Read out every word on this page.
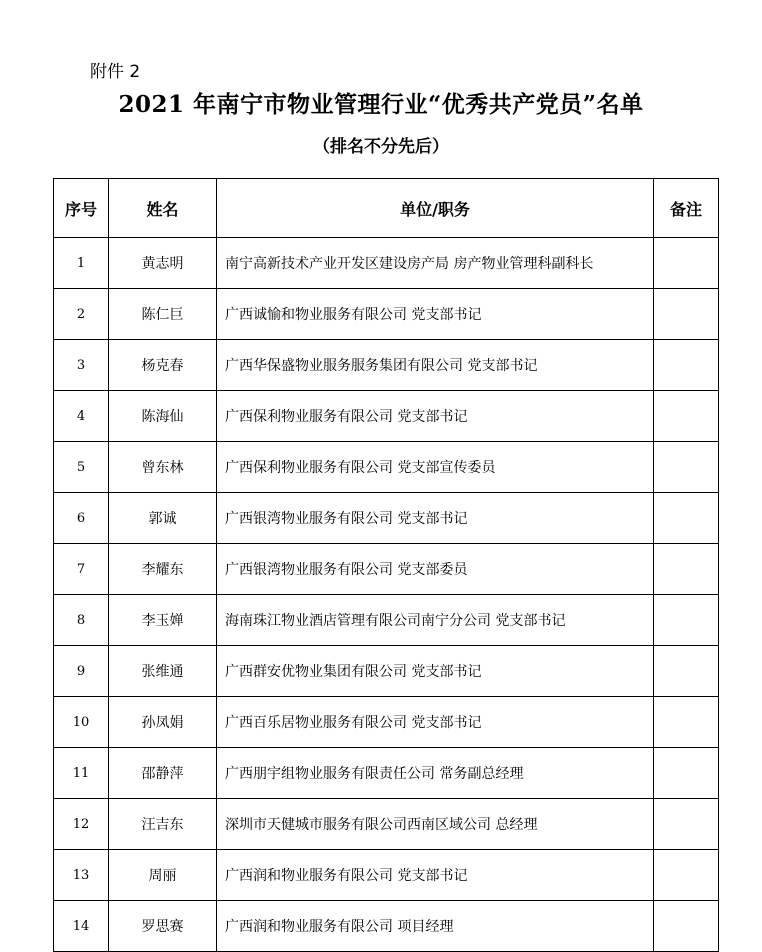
附件 2
2021 年南宁市物业管理行业“优秀共产党员”名单
（排名不分先后）
序号	姓名	单位/职务	备注
1	黄志明	南宁高新技术产业开发区建设房产局 房产物业管理科副科长	
2	陈仁巨	广西诚愉和物业服务有限公司 党支部书记	
3	杨克春	广西华保盛物业服务服务集团有限公司 党支部书记	
4	陈海仙	广西保利物业服务有限公司 党支部书记	
5	曾东林	广西保利物业服务有限公司 党支部宣传委员	
6	郭诚	广西银湾物业服务有限公司 党支部书记	
7	李耀东	广西银湾物业服务有限公司 党支部委员	
8	李玉婵	海南珠江物业酒店管理有限公司南宁分公司 党支部书记	
9	张维通	广西群安优物业集团有限公司 党支部书记	
10	孙凤娟	广西百乐居物业服务有限公司 党支部书记	
11	邵静萍	广西朋宇组物业服务有限责任公司 常务副总经理	
12	汪吉东	深圳市天健城市服务有限公司西南区域公司 总经理	
13	周丽	广西润和物业服务有限公司 党支部书记	
14	罗思赛	广西润和物业服务有限公司 项目经理	
